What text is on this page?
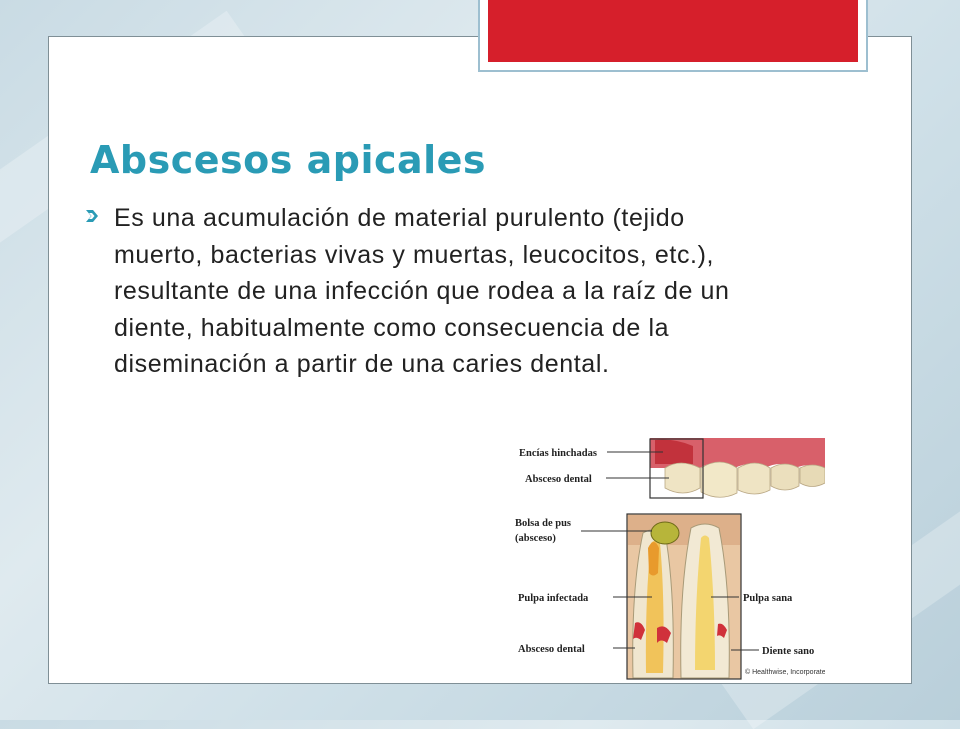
Abscesos apicales

Es una acumulación de material purulento (tejido muerto, bacterias vivas y muertas, leucocitos, etc.), resultante de una infección que rodea a la raíz de un diente, habitualmente como consecuencia de la diseminación a partir de una caries dental.

Encías hinchadas
Absceso dental
Bolsa de pus
(absceso)
Pulpa infectada	Pulpa sana
Absceso dental	Diente sano
© Healthwise, Incorporated
